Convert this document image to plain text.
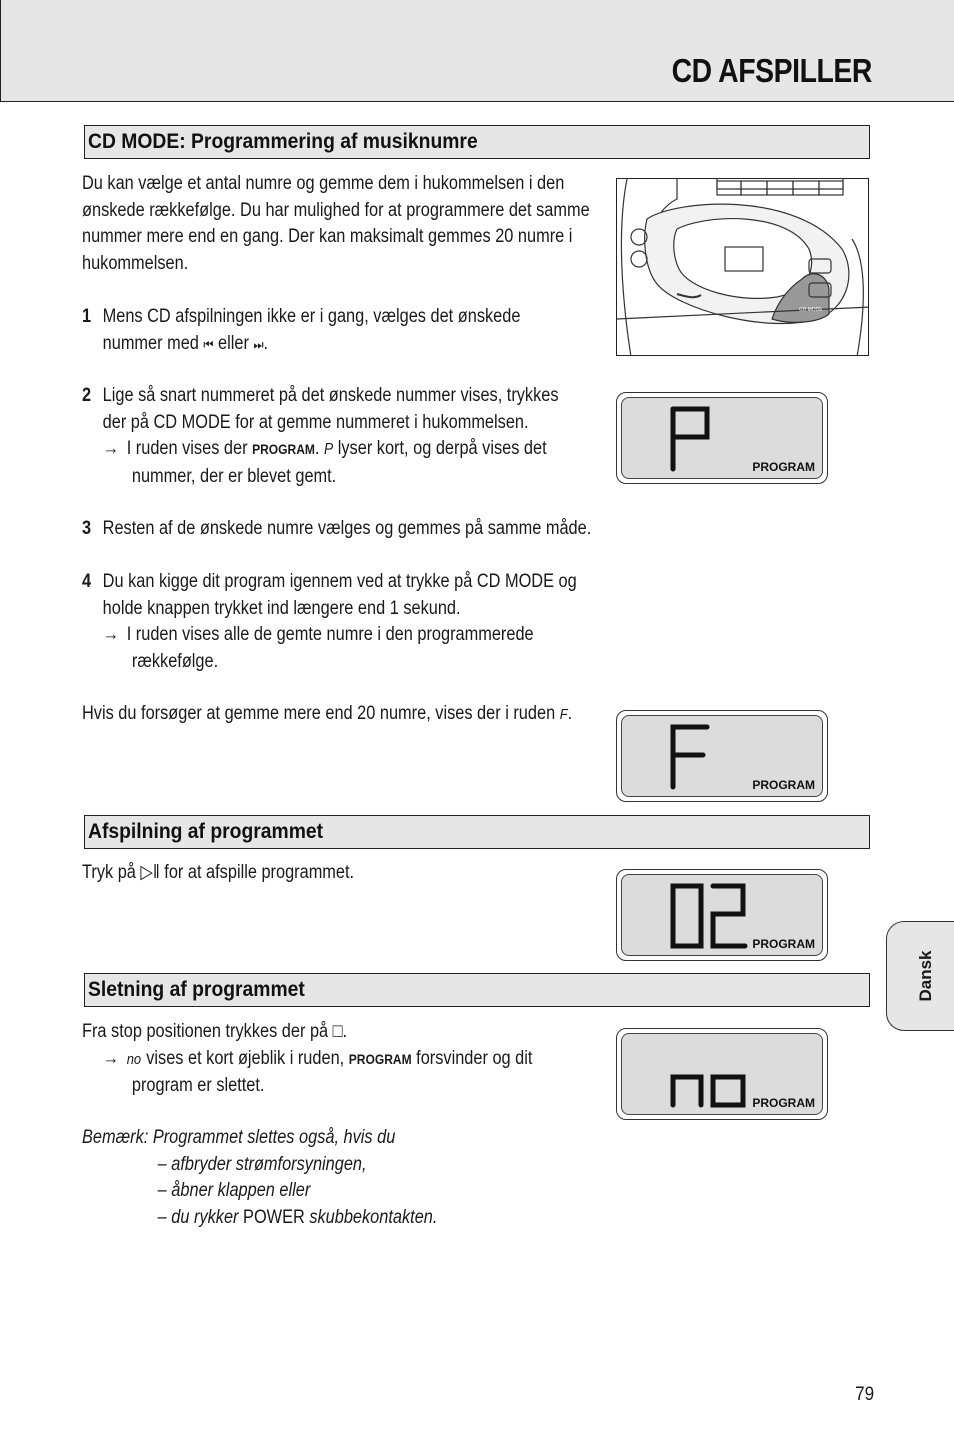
CD AFSPILLER
CD MODE: Programmering af musiknumre
Du kan vælge et antal numre og gemme dem i hukommelsen i den
ønskede rækkefølge. Du har mulighed for at programmere det samme
nummer mere end en gang. Der kan maksimalt gemmes 20 numre i
hukommelsen.
1 Mens CD afspilningen ikke er i gang, vælges det ønskede
nummer med ⏮ eller ⏭.
2 Lige så snart nummeret på det ønskede nummer vises, trykkes
der på CD MODE for at gemme nummeret i hukommelsen.
→ I ruden vises der PROGRAM. P lyser kort, og derpå vises det
nummer, der er blevet gemt.
3 Resten af de ønskede numre vælges og gemmes på samme måde.
4 Du kan kigge dit program igennem ved at trykke på CD MODE og
holde knappen trykket ind længere end 1 sekund.
→ I ruden vises alle de gemte numre i den programmerede
rækkefølge.
Hvis du forsøger at gemme mere end 20 numre, vises der i ruden F.
Afspilning af programmet
Tryk på ▷ǁ for at afspille programmet.
Sletning af programmet
Fra stop positionen trykkes der på □.
→ no vises et kort øjeblik i ruden, PROGRAM forsvinder og dit
program er slettet.
Bemærk: Programmet slettes også, hvis du
– afbryder strømforsyningen,
– åbner klappen eller
– du rykker POWER skubbekontakten.
CD MODE
PROGRAM
PROGRAM
PROGRAM
PROGRAM
Dansk
79
